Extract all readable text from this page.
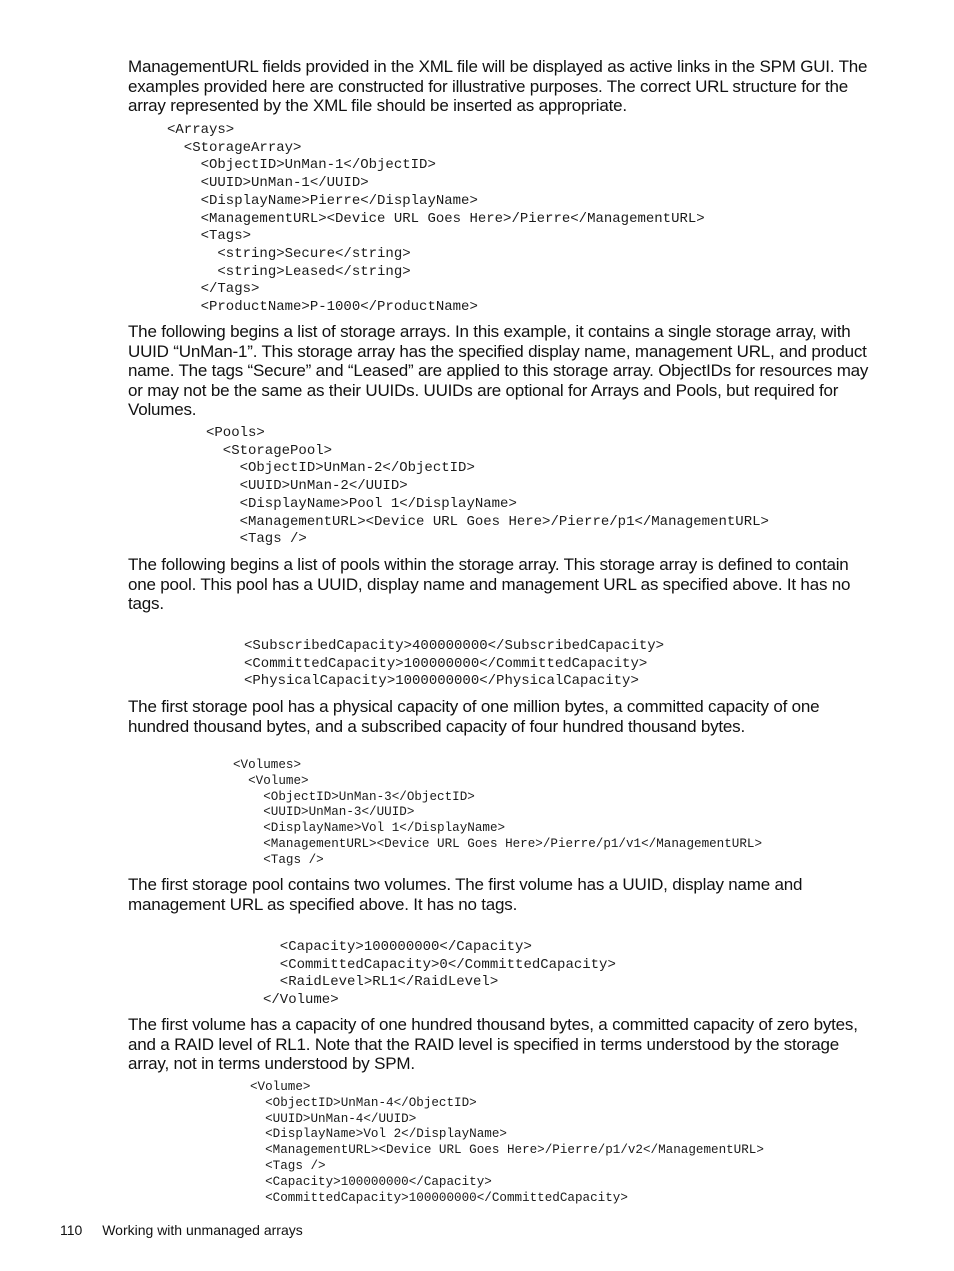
ManagementURL fields provided in the XML file will be displayed as active links in the SPM GUI. The examples provided here are constructed for illustrative purposes. The correct URL structure for the array represented by the XML file should be inserted as appropriate.

<Arrays>
<StorageArray>
<ObjectID>UnMan-1</ObjectID>
<UUID>UnMan-1</UUID>
<DisplayName>Pierre</DisplayName>
<ManagementURL><Device URL Goes Here>/Pierre</ManagementURL>
<Tags>
<string>Secure</string>
<string>Leased</string>
</Tags>
<ProductName>P-1000</ProductName>

The following begins a list of storage arrays. In this example, it contains a single storage array, with UUID “UnMan-1”. This storage array has the specified display name, management URL, and product name. The tags “Secure” and “Leased” are applied to this storage array. ObjectIDs for resources may or may not be the same as their UUIDs. UUIDs are optional for Arrays and Pools, but required for Volumes.

<Pools>
<StoragePool>
<ObjectID>UnMan-2</ObjectID>
<UUID>UnMan-2</UUID>
<DisplayName>Pool 1</DisplayName>
<ManagementURL><Device URL Goes Here>/Pierre/p1</ManagementURL>
<Tags />

The following begins a list of pools within the storage array. This storage array is defined to contain one pool. This pool has a UUID, display name and management URL as specified above. It has no tags.

<SubscribedCapacity>400000000</SubscribedCapacity>
<CommittedCapacity>100000000</CommittedCapacity>
<PhysicalCapacity>1000000000</PhysicalCapacity>

The first storage pool has a physical capacity of one million bytes, a committed capacity of one hundred thousand bytes, and a subscribed capacity of four hundred thousand bytes.

<Volumes>
<Volume>
<ObjectID>UnMan-3</ObjectID>
<UUID>UnMan-3</UUID>
<DisplayName>Vol 1</DisplayName>
<ManagementURL><Device URL Goes Here>/Pierre/p1/v1</ManagementURL>
<Tags />

The first storage pool contains two volumes. The first volume has a UUID, display name and management URL as specified above. It has no tags.

<Capacity>100000000</Capacity>
<CommittedCapacity>0</CommittedCapacity>
<RaidLevel>RL1</RaidLevel>
</Volume>

The first volume has a capacity of one hundred thousand bytes, a committed capacity of zero bytes, and a RAID level of RL1. Note that the RAID level is specified in terms understood by the storage array, not in terms understood by SPM.

<Volume>
<ObjectID>UnMan-4</ObjectID>
<UUID>UnMan-4</UUID>
<DisplayName>Vol 2</DisplayName>
<ManagementURL><Device URL Goes Here>/Pierre/p1/v2</ManagementURL>
<Tags />
<Capacity>100000000</Capacity>
<CommittedCapacity>100000000</CommittedCapacity>
110 Working with unmanaged arrays
